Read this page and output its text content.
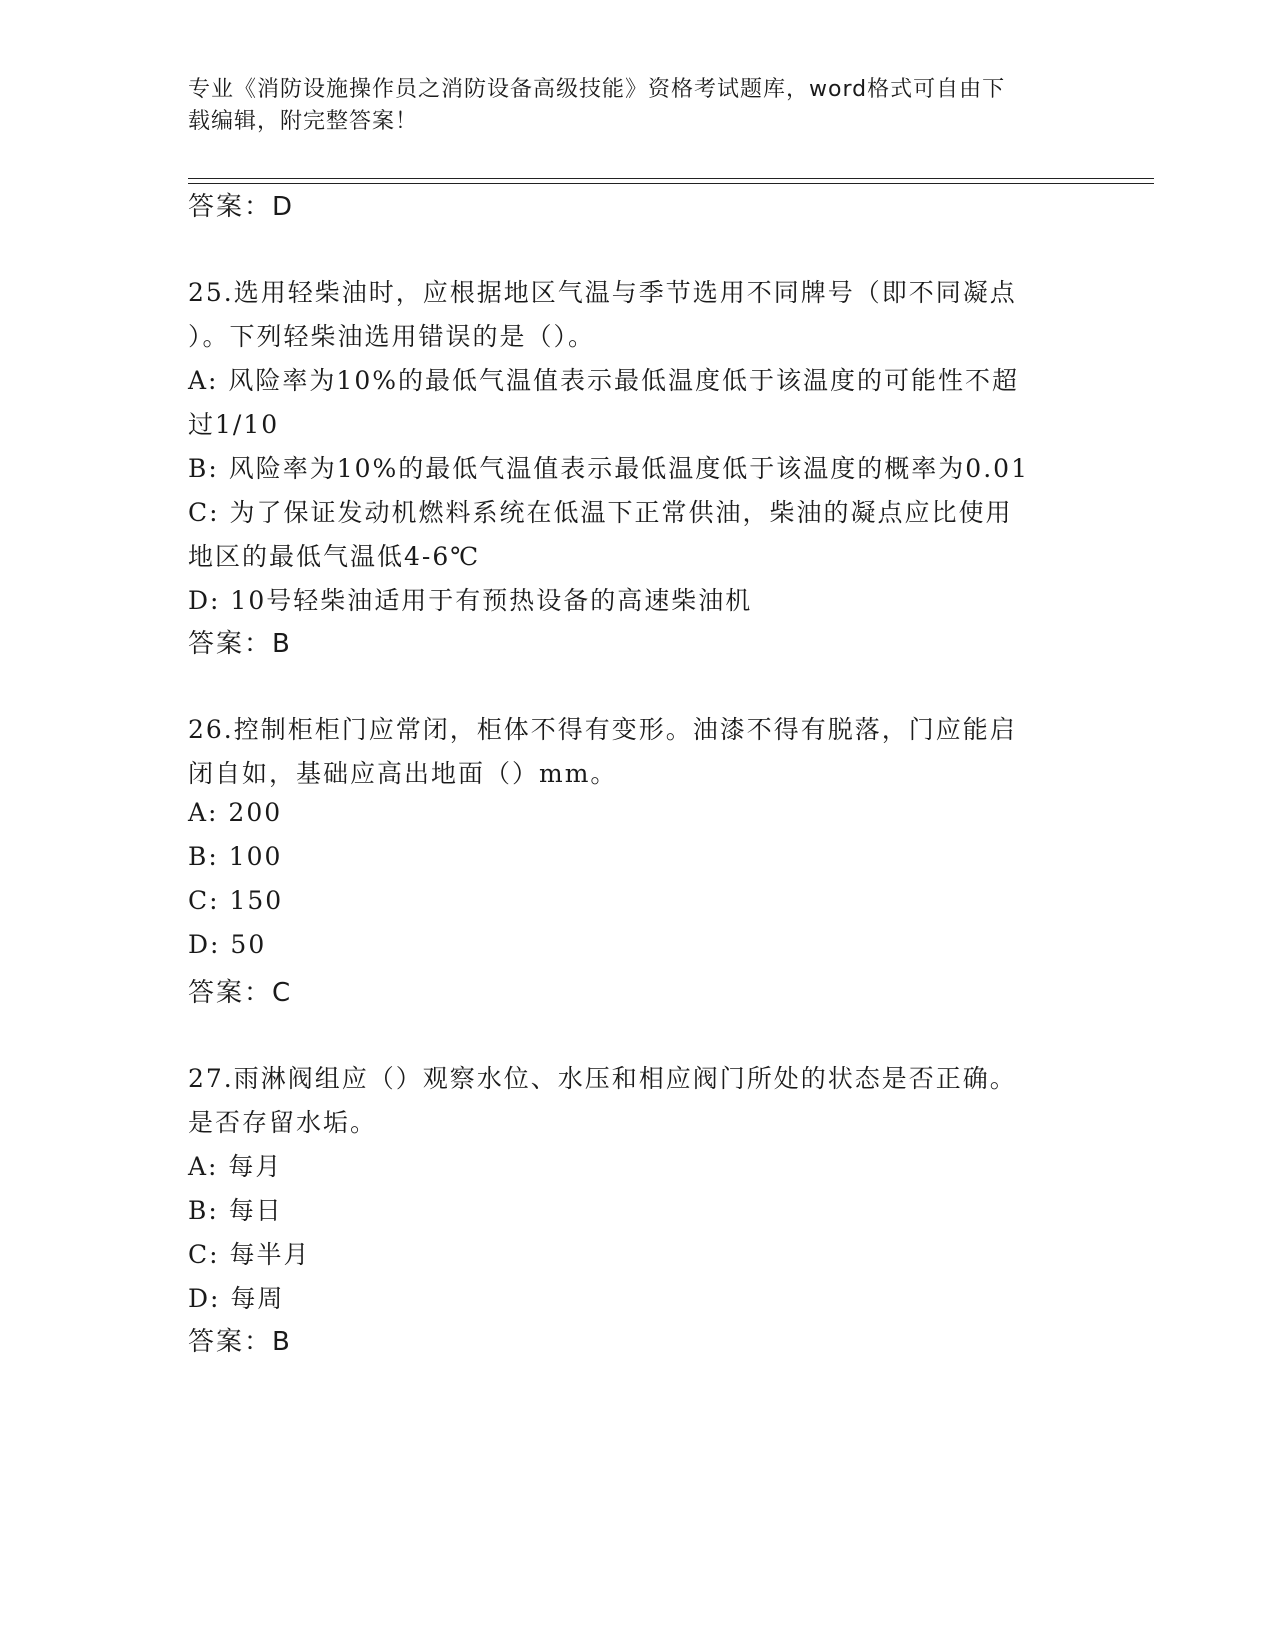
专业《消防设施操作员之消防设备高级技能》资格考试题库，word格式可自由下
载编辑，附完整答案！
答案：D
25.选用轻柴油时，应根据地区气温与季节选用不同牌号（即不同凝点
）。下列轻柴油选用错误的是（）。
A: 风险率为10%的最低气温值表示最低温度低于该温度的可能性不超
过1/10
B: 风险率为10%的最低气温值表示最低温度低于该温度的概率为0.01
C: 为了保证发动机燃料系统在低温下正常供油，柴油的凝点应比使用
地区的最低气温低4-6℃
D: 10号轻柴油适用于有预热设备的高速柴油机
答案：B
26.控制柜柜门应常闭，柜体不得有变形。油漆不得有脱落，门应能启
闭自如，基础应高出地面（）mm。
A: 200
B: 100
C: 150
D: 50
答案：C
27.雨淋阀组应（）观察水位、水压和相应阀门所处的状态是否正确。
是否存留水垢。
A: 每月
B: 每日
C: 每半月
D: 每周
答案：B
